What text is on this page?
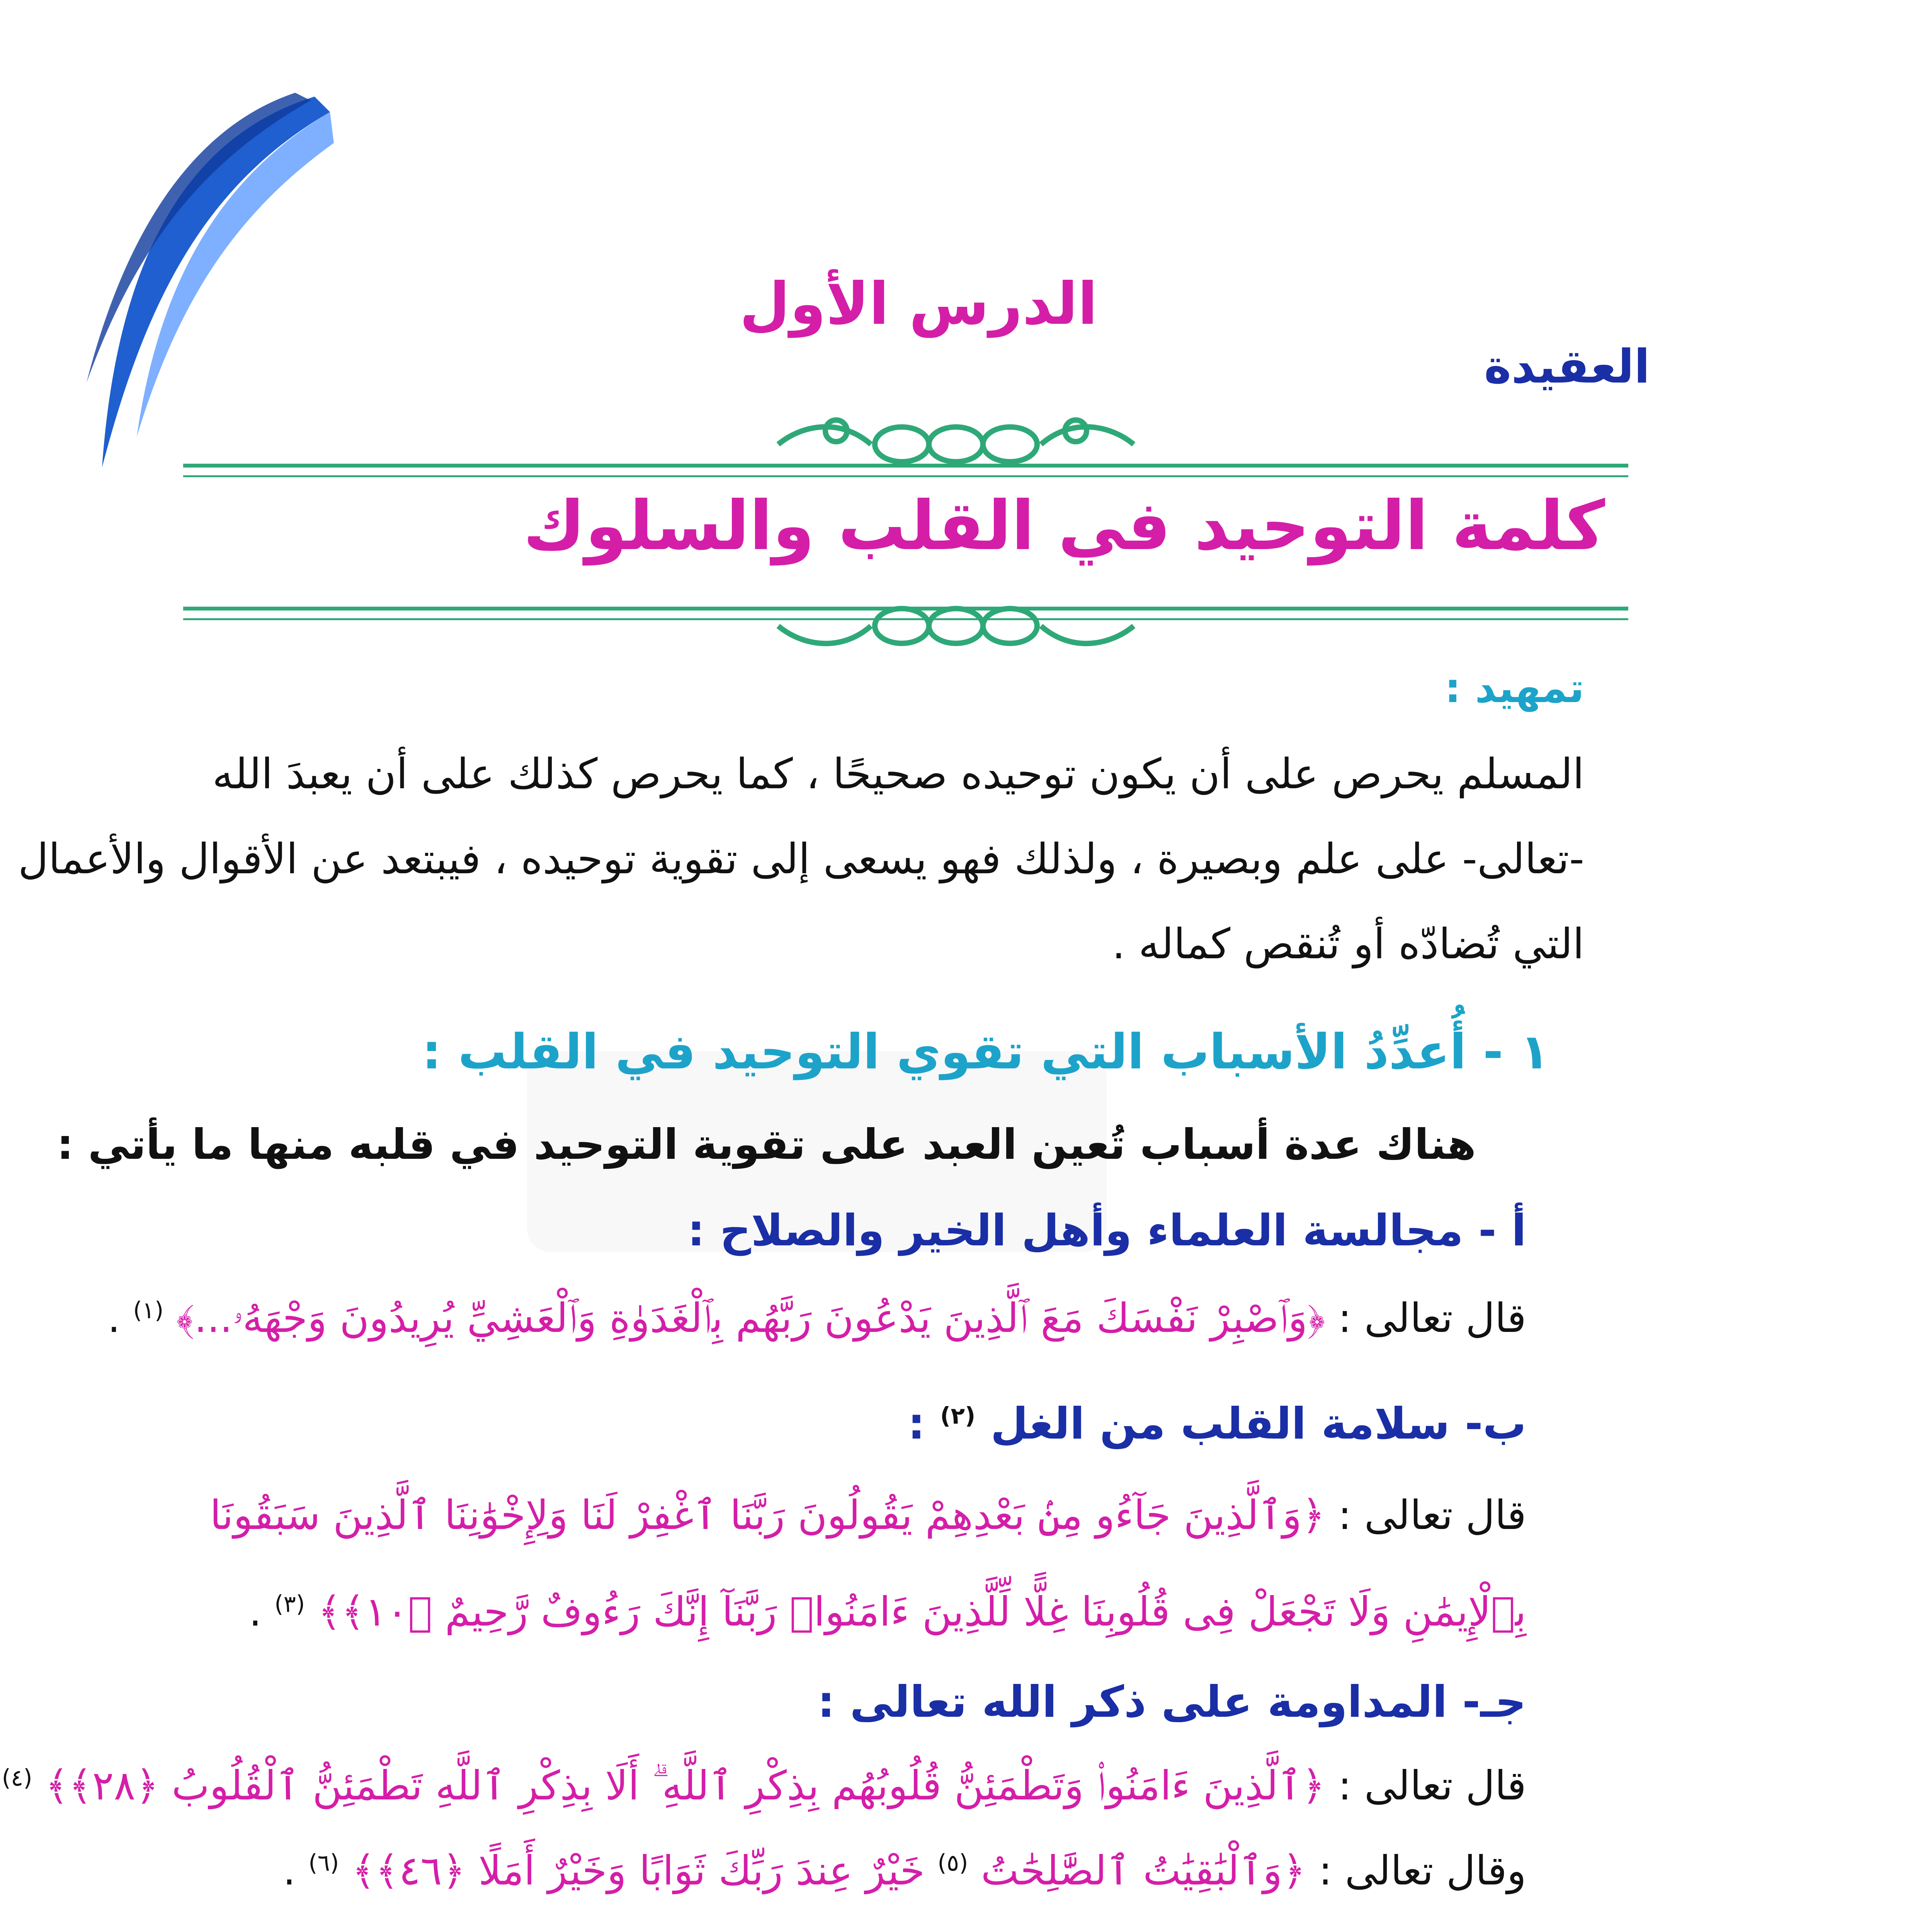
العقيدة
الدرس الأول
كلمة التوحيد في القلب والسلوك
تمهيد :
المسلم يحرص على أن يكون توحيده صحيحًا ، كما يحرص كذلك على أن يعبدَ الله
-تعالى- على علم وبصيرة ، ولذلك فهو يسعى إلى تقوية توحيده ، فيبتعد عن الأقوال والأعمال
التي تُضادّه أو تُنقص كماله .
١ - أُعدِّدُ الأسباب التي تقوي التوحيد في القلب :
هناك عدة أسباب تُعين العبد على تقوية التوحيد في قلبه منها ما يأتي :
أ - مجالسة العلماء وأهل الخير والصلاح :
قال تعالى : ﴿وَٱصْبِرْ نَفْسَكَ مَعَ ٱلَّذِينَ يَدْعُونَ رَبَّهُم بِٱلْغَدَوٰةِ وَٱلْعَشِيِّ يُرِيدُونَ وَجْهَهُۥ...﴾ $^{(١)}$ .
ب- سلامة القلب من الغل $^{(٢)}$ :
قال تعالى : ﴿وَٱلَّذِينَ جَآءُو مِنۢ بَعْدِهِمْ يَقُولُونَ رَبَّنَا ٱغْفِرْ لَنَا وَلِإِخْوَٰنِنَا ٱلَّذِينَ سَبَقُونَا
بِٱلْإِيمَٰنِ وَلَا تَجْعَلْ فِى قُلُوبِنَا غِلًّا لِّلَّذِينَ ءَامَنُوا۟ رَبَّنَآ إِنَّكَ رَءُوفٌ رَّحِيمٌ ﴿١٠﴾﴾ $^{(٣)}$ .
جـ- المداومة على ذكر الله تعالى :
قال تعالى : ﴿ٱلَّذِينَ ءَامَنُوا۟ وَتَطْمَئِنُّ قُلُوبُهُم بِذِكْرِ ٱللَّهِ ۗ أَلَا بِذِكْرِ ٱللَّهِ تَطْمَئِنُّ ٱلْقُلُوبُ ﴿٢٨﴾﴾ $^{(٤)}$
وقال تعالى : ﴿وَٱلْبَٰقِيَٰتُ ٱلصَّٰلِحَٰتُ $^{(٥)}$ خَيْرٌ عِندَ رَبِّكَ ثَوَابًا وَخَيْرٌ أَمَلًا ﴿٤٦﴾﴾ $^{(٦)}$ .
